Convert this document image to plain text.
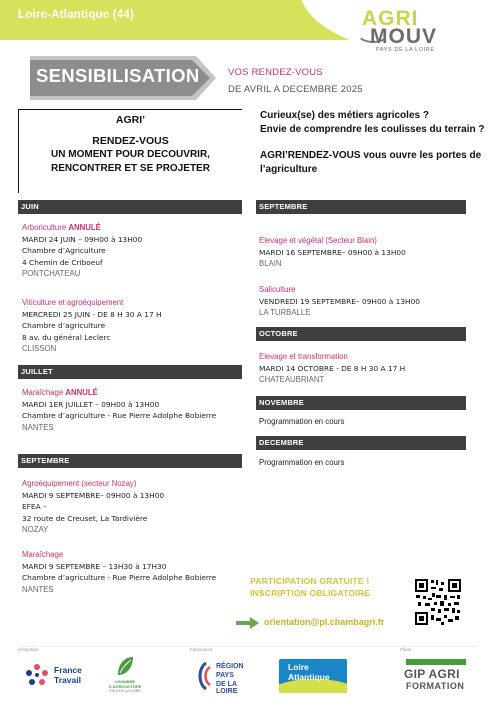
Loire-Atlantique (44)	AGRI
MOUV
PAYS DE LA LOIRE
SENSIBILISATION	VOS RENDEZ-VOUS
DE AVRIL A DECEMBRE 2025
AGRI’
RENDEZ-VOUS
UN MOMENT POUR DECOUVRIR,
RENCONTRER ET SE PROJETER
Curieux(se) des métiers agricoles ?
Envie de comprendre les coulisses du terrain ?
AGRI’RENDEZ-VOUS vous ouvre les portes de
l’agriculture
JUIN
Arboriculture ANNULÉ
MARDI 24 JUIN – 09H00 à 13H00
Chambre d’Agriculture
4 Chemin de Criboeuf
PONTCHATEAU
Viticulture et agroéquipement
MERCREDI 25 JUIN - DE 8 H 30 A 17 H
Chambre d’agriculture
8 av. du général Leclerc
CLISSON
JUILLET
Maraîchage ANNULÉ
MARDI 1ER JUILLET – 09H00 à 13H00
Chambre d’agriculture - Rue Pierre Adolphe Bobierre
NANTES
SEPTEMBRE
Agroéquipement (secteur Nozay)
MARDI 9 SEPTEMBRE– 09H00 à 13H00
EFEA –
32 route de Creuset, La Tardivière
NOZAY
Maraîchage
MARDI 9 SEPTEMBRE – 13H30 à 17H30
Chambre d’agriculture - Rue Pierre Adolphe Bobierre
NANTES
SEPTEMBRE
Elevage et végétal (Secteur Blain)
MARDI 16 SEPTEMBRE– 09H00 à 13H00
BLAIN
Saliculture
VENDREDI 19 SEPTEMBRE– 09H00 à 13H00
LA TURBALLE
OCTOBRE
Elevage et transformation
MARDI 14 OCTOBRE - DE 8 H 30 A 17 H
CHATEAUBRIANT
NOVEMBRE
Programmation en cours
DECEMBRE
Programmation en cours
PARTICIPATION GRATUITE !
INSCRIPTION OBLIGATOIRE
orientation@pl.chambagri.fr
Animation	Financeurs	Pilote
France
Travail	CHAMBRE
D’AGRICULTURE
PAYS DE LA LOIRE
RÉGION
PAYS
DE LA LOIRE
Loire
Atlantique	GIP AGRI
FORMATION
